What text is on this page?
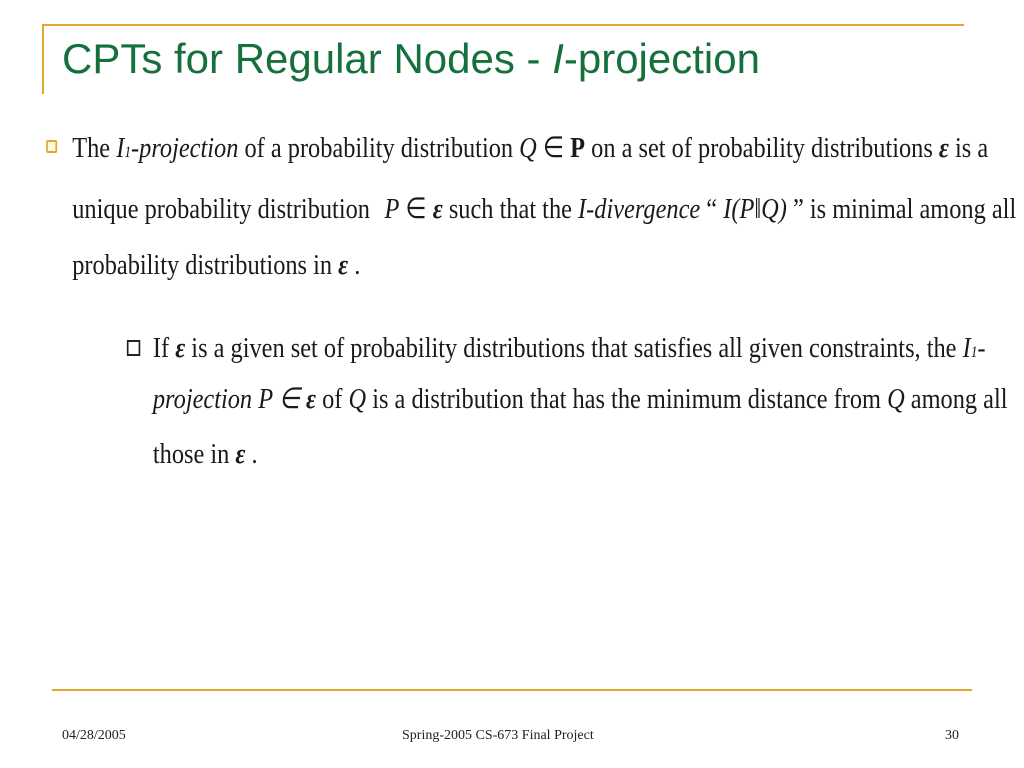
CPTs for Regular Nodes - I-projection
The I1-projection of a probability distribution Q ∈ P on a set of probability distributions ε is a
unique probability distribution P ∈ ε such that the I-divergence “ I(P‖Q) ” is minimal among all
probability distributions in ε .
If ε is a given set of probability distributions that satisfies all given constraints, the I1-
projection P ∈ ε of Q is a distribution that has the minimum distance from Q among all
those in ε .
04/28/2005	Spring-2005 CS-673 Final Project	30
